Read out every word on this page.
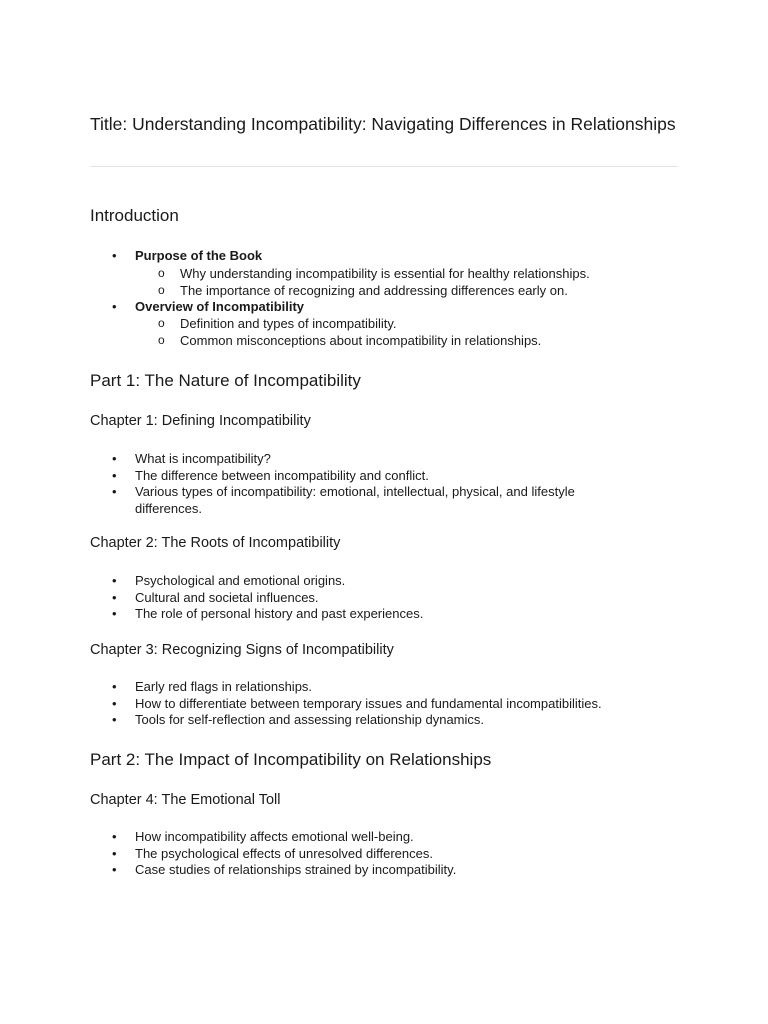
Title: Understanding Incompatibility: Navigating Differences in Relationships
Introduction
• Purpose of the Book
o Why understanding incompatibility is essential for healthy relationships.
o The importance of recognizing and addressing differences early on.
• Overview of Incompatibility
o Definition and types of incompatibility.
o Common misconceptions about incompatibility in relationships.
Part 1: The Nature of Incompatibility
Chapter 1: Defining Incompatibility
• What is incompatibility?
• The difference between incompatibility and conflict.
• Various types of incompatibility: emotional, intellectual, physical, and lifestyle differences.
Chapter 2: The Roots of Incompatibility
• Psychological and emotional origins.
• Cultural and societal influences.
• The role of personal history and past experiences.
Chapter 3: Recognizing Signs of Incompatibility
• Early red flags in relationships.
• How to differentiate between temporary issues and fundamental incompatibilities.
• Tools for self-reflection and assessing relationship dynamics.
Part 2: The Impact of Incompatibility on Relationships
Chapter 4: The Emotional Toll
• How incompatibility affects emotional well-being.
• The psychological effects of unresolved differences.
• Case studies of relationships strained by incompatibility.
